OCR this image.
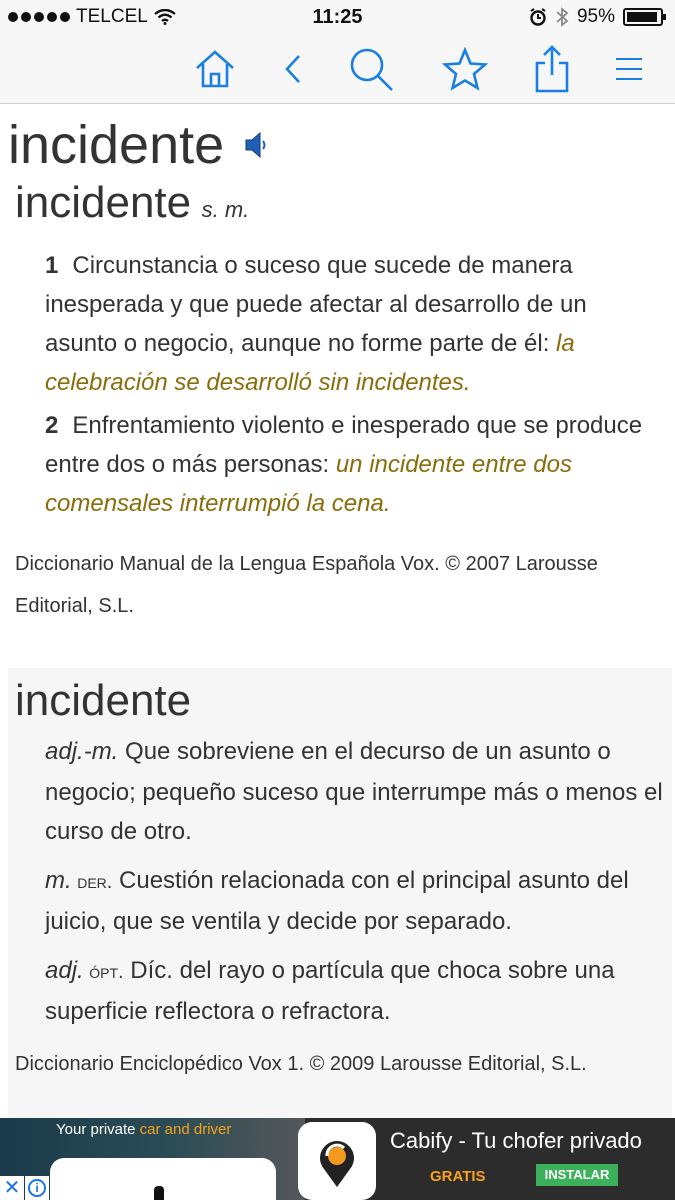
TELCEL	11:25	95%
incidente
incidente s. m.
1 Circunstancia o suceso que sucede de manera inesperada y que puede afectar al desarrollo de un asunto o negocio, aunque no forme parte de él: la celebración se desarrolló sin incidentes.
2 Enfrentamiento violento e inesperado que se produce entre dos o más personas: un incidente entre dos comensales interrumpió la cena.
Diccionario Manual de la Lengua Española Vox. © 2007 Larousse Editorial, S.L.
incidente
adj.-m. Que sobreviene en el decurso de un asunto o negocio; pequeño suceso que interrumpe más o menos el curso de otro.
m. der. Cuestión relacionada con el principal asunto del juicio, que se ventila y decide por separado.
adj. ópt. Díc. del rayo o partícula que choca sobre una superficie reflectora o refractora.
Diccionario Enciclopédico Vox 1. © 2009 Larousse Editorial, S.L.
Your private car and driver
✕	i
Cabify - Tu chofer privado
GRATIS	INSTALAR
